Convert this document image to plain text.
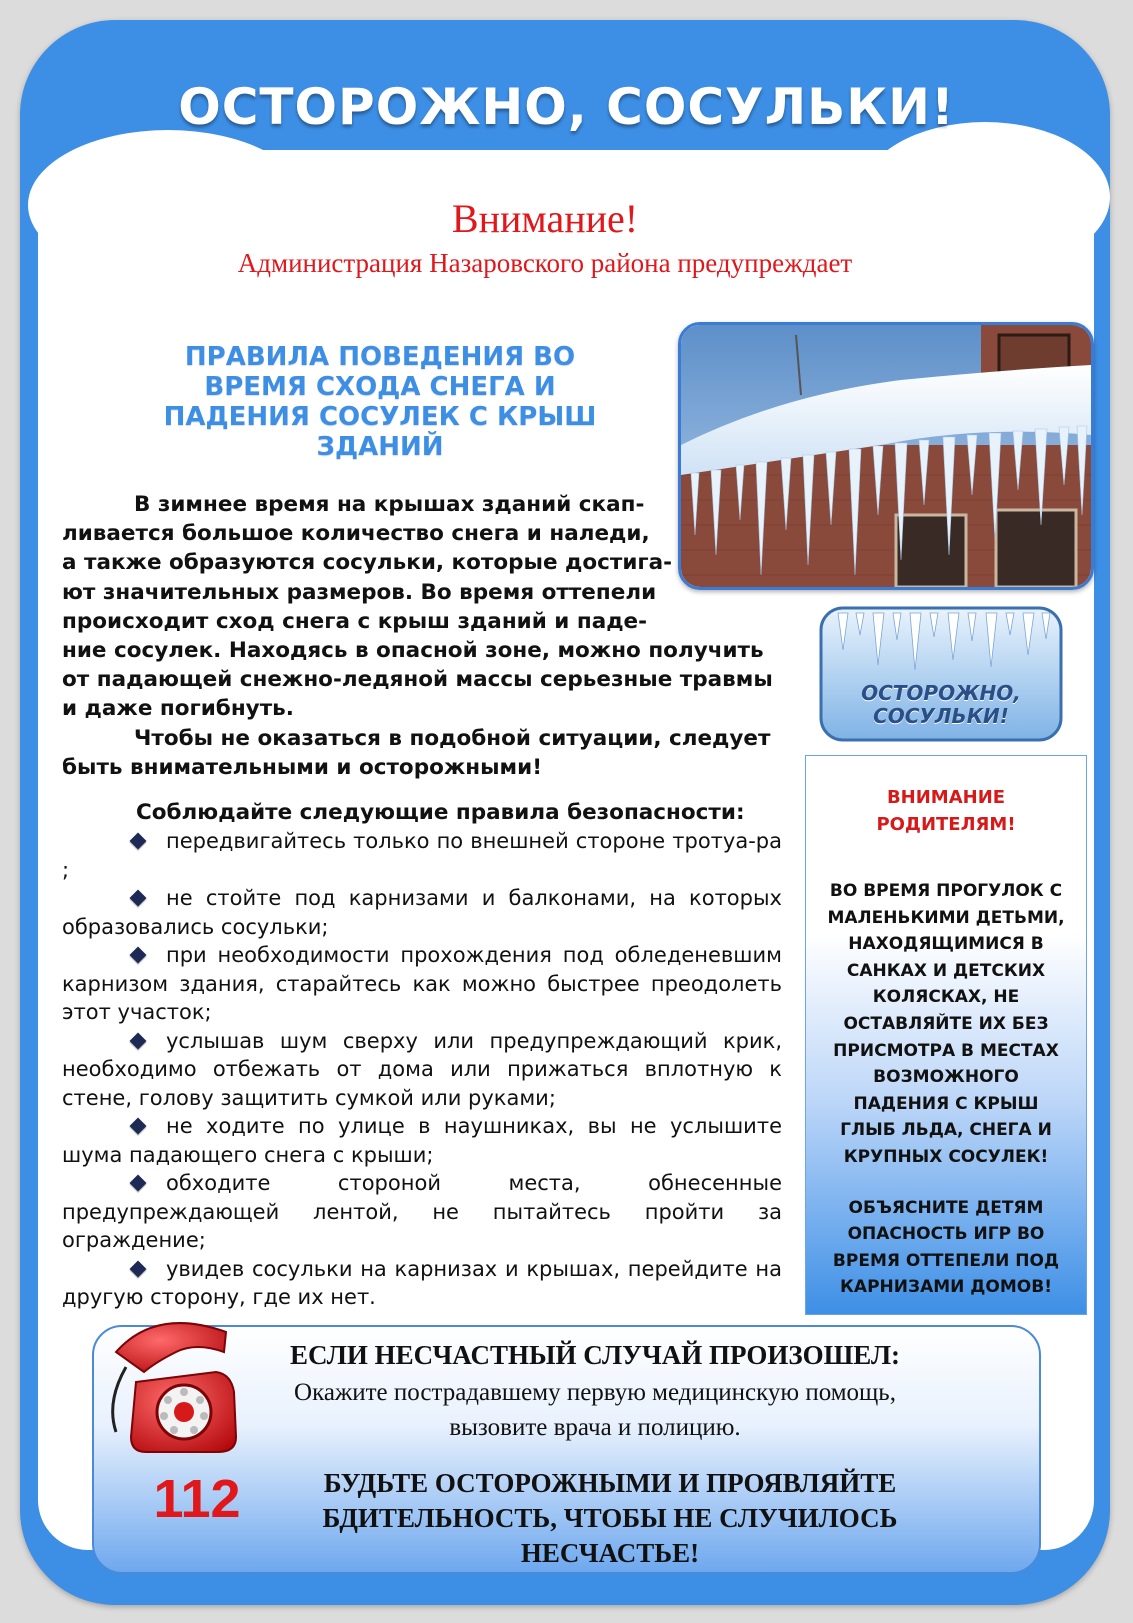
ОСТОРОЖНО, СОСУЛЬКИ!
Внимание!
Администрация Назаровского района предупреждает
ПРАВИЛА ПОВЕДЕНИЯ ВО
ВРЕМЯ СХОДА СНЕГА И
ПАДЕНИЯ СОСУЛЕК С КРЫШ
ЗДАНИЙ
ОСТОРОЖНО,
СОСУЛЬКИ!

В зимнее время на крышах зданий скап-

ливается большое количество снега и наледи,

а также образуются сосульки, которые достига-

ют значительных размеров. Во время оттепели

происходит сход снега с крыш зданий и паде-

ние сосулек. Находясь в опасной зоне, можно получить

от падающей снежно-ледяной массы серьезные травмы

и даже погибнуть.

Чтобы не оказаться в подобной ситуации, следует

быть внимательными и осторожными!

Соблюдайте следующие правила безопасности:

передвигайтесь только по внешней стороне тротуа-ра ;

не стойте под карнизами и балконами, на которых образовались сосульки;

при необходимости прохождения под обледеневшим карнизом здания, старайтесь как можно быстрее преодолеть этот участок;

услышав шум сверху или предупреждающий крик, необходимо отбежать от дома или прижаться вплотную к стене, голову защитить сумкой или руками;

не ходите по улице в наушниках, вы не услышите шума падающего снега с крыши;

обходите стороной места, обнесенные предупреждающей лентой, не пытайтесь пройти за ограждение;

увидев сосульки на карнизах и крышах, перейдите на другую сторону, где их нет.

ВНИМАНИЕ
РОДИТЕЛЯМ!
ВО ВРЕМЯ ПРОГУЛОК С
МАЛЕНЬКИМИ ДЕТЬМИ,
НАХОДЯЩИМИСЯ В
САНКАХ И ДЕТСКИХ
КОЛЯСКАХ, НЕ
ОСТАВЛЯЙТЕ ИХ БЕЗ
ПРИСМОТРА В МЕСТАХ
ВОЗМОЖНОГО
ПАДЕНИЯ С КРЫШ
ГЛЫБ ЛЬДА, СНЕГА И
КРУПНЫХ СОСУЛЕК!
ОБЪЯСНИТЕ ДЕТЯМ
ОПАСНОСТЬ ИГР ВО
ВРЕМЯ ОТТЕПЕЛИ ПОД
КАРНИЗАМИ ДОМОВ!
112
ЕСЛИ НЕСЧАСТНЫЙ СЛУЧАЙ ПРОИЗОШЕЛ:
Окажите пострадавшему первую медицинскую помощь,
вызовите врача и полицию.
БУДЬТЕ ОСТОРОЖНЫМИ И ПРОЯВЛЯЙТЕ
БДИТЕЛЬНОСТЬ, ЧТОБЫ НЕ СЛУЧИЛОСЬ
НЕСЧАСТЬЕ!
